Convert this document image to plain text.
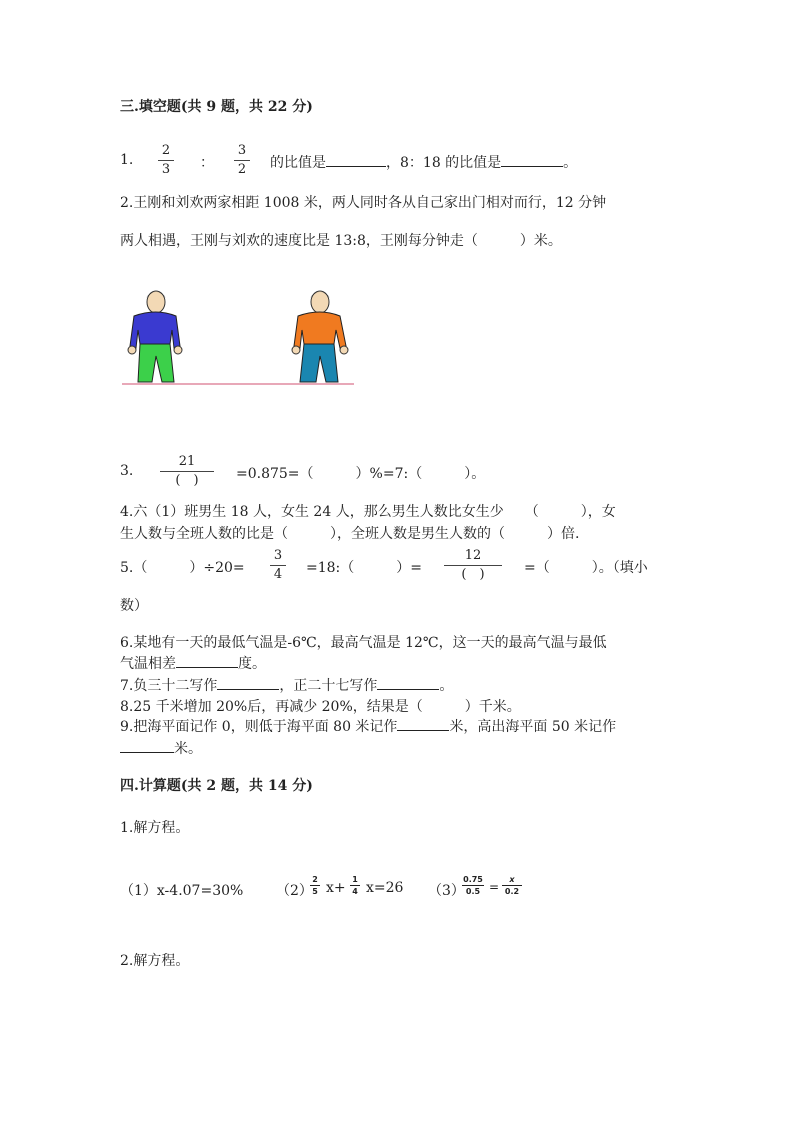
三.填空题(共 9 题，共 22 分)
1.
2
3 ：
3
2 的比值是	，8：18 的比值是	。
2.王刚和刘欢两家相距 1008 米，两人同时各从自己家出门相对而行，12 分钟
两人相遇，王刚与刘欢的速度比是 13:8，王刚每分钟走（　　　）米。
3.
21
(　)	=0.875=（　　　）%=7:（　　　）。
4.六（1）班男生 18 人，女生 24 人，那么男生人数比女生少　　（　　　），女
生人数与全班人数的比是（　　　），全班人数是男生人数的（　　　）倍.
5.（　　　）÷20=
3
4 =18:（　　　）=
12
(　)	=（　　　）。（填小
数）
6.某地有一天的最低气温是-6℃，最高气温是 12℃，这一天的最高气温与最低
气温相差	度。
7.负三十二写作	，正二十七写作	。
8.25 千米增加 20%后，再减少 20%，结果是（　　　）千米。
9.把海平面记作 0，则低于海平面 80 米记作	米，高出海平面 50 米记作
米。
四.计算题(共 2 题，共 14 分)
1.解方程。
（1）x-4.07=30% （2）
2
5 x+
1
4 x=26 （3）
0.75
0.5 =
x
0.2
2.解方程。
